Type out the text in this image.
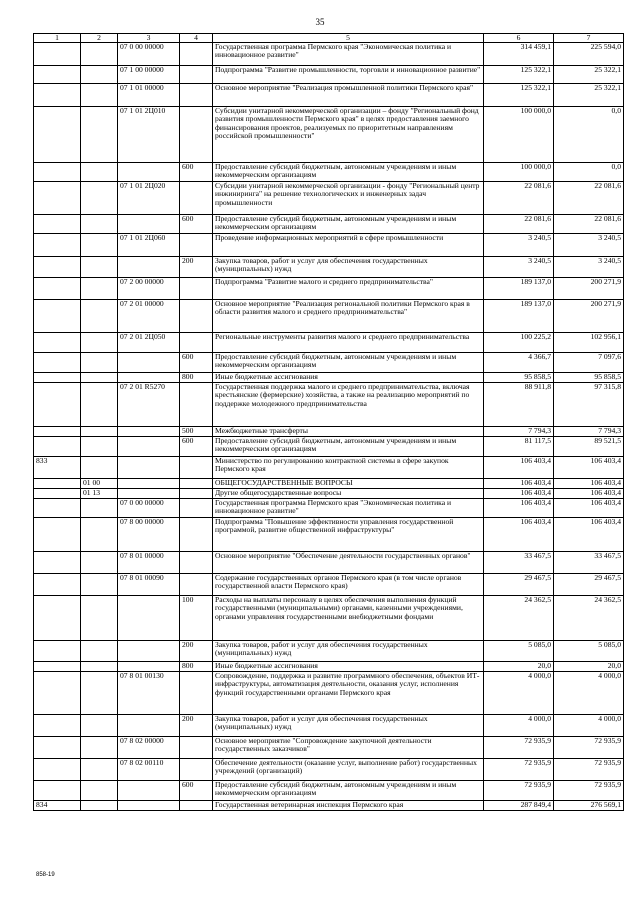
35
1	2	3	4	5	6	7
		07 0 00 00000		Государственная программа Пермского края "Экономическая политика и инновационное развитие"	314 459,1	225 594,0
		07 1 00 00000		Подпрограмма "Развитие промышленности, торговли и инновационное развитие"	125 322,1	25 322,1
		07 1 01 00000		Основное мероприятие "Реализация промышленной политики Пермского края"	125 322,1	25 322,1
		07 1 01 2Ц010		Субсидии унитарной некоммерческой организации – фонду "Региональный фонд развития промышленности Пермского края" в целях предоставления заемного финансирования проектов, реализуемых по приоритетным направлениям российской промышленности"	100 000,0	0,0
			600	Предоставление субсидий бюджетным, автономным учреждениям и иным некоммерческим организациям	100 000,0	0,0
		07 1 01 2Ц020		Субсидии унитарной некоммерческой организации - фонду "Региональный центр инжиниринга" на решение технологических и инженерных задач промышленности	22 081,6	22 081,6
			600	Предоставление субсидий бюджетным, автономным учреждениям и иным некоммерческим организациям	22 081,6	22 081,6
		07 1 01 2Ц060		Проведение информационных мероприятий в сфере промышленности	3 240,5	3 240,5
			200	Закупка товаров, работ и услуг для обеспечения государственных (муниципальных) нужд	3 240,5	3 240,5
		07 2 00 00000		Подпрограмма "Развитие малого и среднего предпринимательства"	189 137,0	200 271,9
		07 2 01 00000		Основное мероприятие "Реализация региональной политики Пермского края в области развития малого и среднего предпринимательства"	189 137,0	200 271,9
		07 2 01 2Ц050		Региональные инструменты развития малого и среднего предпринимательства	100 225,2	102 956,1
			600	Предоставление субсидий бюджетным, автономным учреждениям и иным некоммерческим организациям	4 366,7	7 097,6
			800	Иные бюджетные ассигнования	95 858,5	95 858,5
		07 2 01 R5270		Государственная поддержка малого и среднего предпринимательства, включая крестьянские (фермерские) хозяйства, а также на реализацию мероприятий по поддержке молодежного предпринимательства	88 911,8	97 315,8
			500	Межбюджетные трансферты	7 794,3	7 794,3
			600	Предоставление субсидий бюджетным, автономным учреждениям и иным некоммерческим организациям	81 117,5	89 521,5
833				Министерство по регулированию контрактной системы в сфере закупок Пермского края	106 403,4	106 403,4
	01 00			ОБЩЕГОСУДАРСТВЕННЫЕ ВОПРОСЫ	106 403,4	106 403,4
	01 13			Другие общегосударственные вопросы	106 403,4	106 403,4
		07 0 00 00000		Государственная программа Пермского края "Экономическая политика и инновационное развитие"	106 403,4	106 403,4
		07 8 00 00000		Подпрограмма "Повышение эффективности управления государственной программой, развитие общественной инфраструктуры"	106 403,4	106 403,4
		07 8 01 00000		Основное мероприятие "Обеспечение деятельности государственных органов"	33 467,5	33 467,5
		07 8 01 00090		Содержание государственных органов Пермского края (в том числе органов государственной власти Пермского края)	29 467,5	29 467,5
			100	Расходы на выплаты персоналу в целях обеспечения выполнения функций государственными (муниципальными) органами, казенными учреждениями, органами управления государственными внебюджетными фондами	24 362,5	24 362,5
			200	Закупка товаров, работ и услуг для обеспечения государственных (муниципальных) нужд	5 085,0	5 085,0
			800	Иные бюджетные ассигнования	20,0	20,0
		07 8 01 00130		Сопровождение, поддержка и развитие программного обеспечения, объектов ИТ-инфраструктуры, автоматизация деятельности, оказания услуг, исполнения функций государственными органами Пермского края	4 000,0	4 000,0
			200	Закупка товаров, работ и услуг для обеспечения государственных (муниципальных) нужд	4 000,0	4 000,0
		07 8 02 00000		Основное мероприятие "Сопровождение закупочной деятельности государственных заказчиков"	72 935,9	72 935,9
		07 8 02 00110		Обеспечение деятельности (оказание услуг, выполнение работ) государственных учреждений (организаций)	72 935,9	72 935,9
			600	Предоставление субсидий бюджетным, автономным учреждениям и иным некоммерческим организациям	72 935,9	72 935,9
834				Государственная ветеринарная инспекция Пермского края	287 849,4	276 569,1
858-19
